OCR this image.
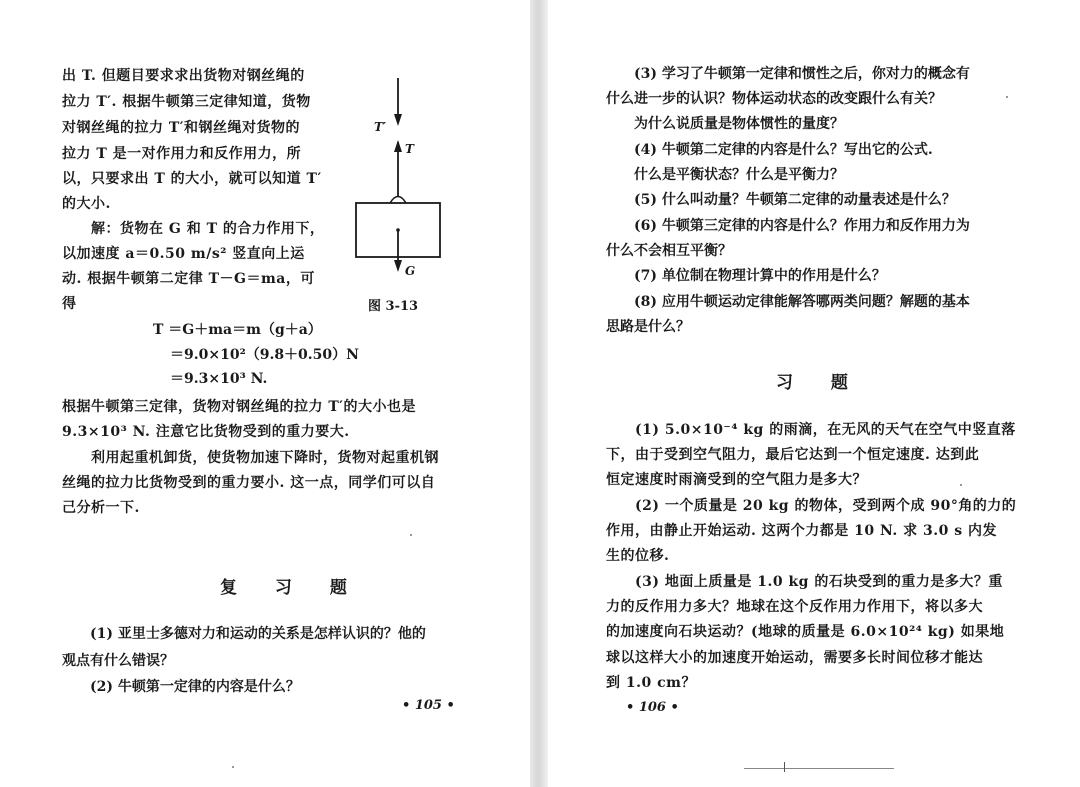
出 T. 但题目要求求出货物对钢丝绳的
拉力 T′. 根据牛顿第三定律知道，货物
对钢丝绳的拉力 T′和钢丝绳对货物的
拉力 T 是一对作用力和反作用力，所
以，只要求出 T 的大小，就可以知道 T′
的大小.
　　解：货物在 G 和 T 的合力作用下，
以加速度 a＝0.50 m/s² 竖直向上运
动. 根据牛顿第二定律 T－G＝ma，可
得
T′
T
G
图 3-13
T ＝G＋ma＝m（g＋a）
＝9.0×10²（9.8＋0.50）N
＝9.3×10³ N.
根据牛顿第三定律，货物对钢丝绳的拉力 T′的大小也是
9.3×10³ N. 注意它比货物受到的重力要大.
　　利用起重机卸货，使货物加速下降时，货物对起重机钢
丝绳的拉力比货物受到的重力要小. 这一点，同学们可以自
己分析一下.
复 习 题
　　(1) 亚里士多德对力和运动的关系是怎样认识的？他的
观点有什么错误？
　　(2) 牛顿第一定律的内容是什么？
• 105 •
　　(3) 学习了牛顿第一定律和惯性之后，你对力的概念有
什么进一步的认识？物体运动状态的改变跟什么有关？
　　为什么说质量是物体惯性的量度？
　　(4) 牛顿第二定律的内容是什么？写出它的公式.
　　什么是平衡状态？什么是平衡力？
　　(5) 什么叫动量？牛顿第二定律的动量表述是什么？
　　(6) 牛顿第三定律的内容是什么？作用力和反作用力为
什么不会相互平衡？
　　(7) 单位制在物理计算中的作用是什么？
　　(8) 应用牛顿运动定律能解答哪两类问题？解题的基本
思路是什么？
习 题
　　(1) 5.0×10⁻⁴ kg 的雨滴，在无风的天气在空气中竖直落
下，由于受到空气阻力，最后它达到一个恒定速度. 达到此
恒定速度时雨滴受到的空气阻力是多大？
　　(2) 一个质量是 20 kg 的物体，受到两个成 90°角的力的
作用，由静止开始运动. 这两个力都是 10 N. 求 3.0 s 内发
生的位移.
　　(3) 地面上质量是 1.0 kg 的石块受到的重力是多大？重
力的反作用力多大？地球在这个反作用力作用下，将以多大
的加速度向石块运动？(地球的质量是 6.0×10²⁴ kg) 如果地
球以这样大小的加速度开始运动，需要多长时间位移才能达
到 1.0 cm？
• 106 •
